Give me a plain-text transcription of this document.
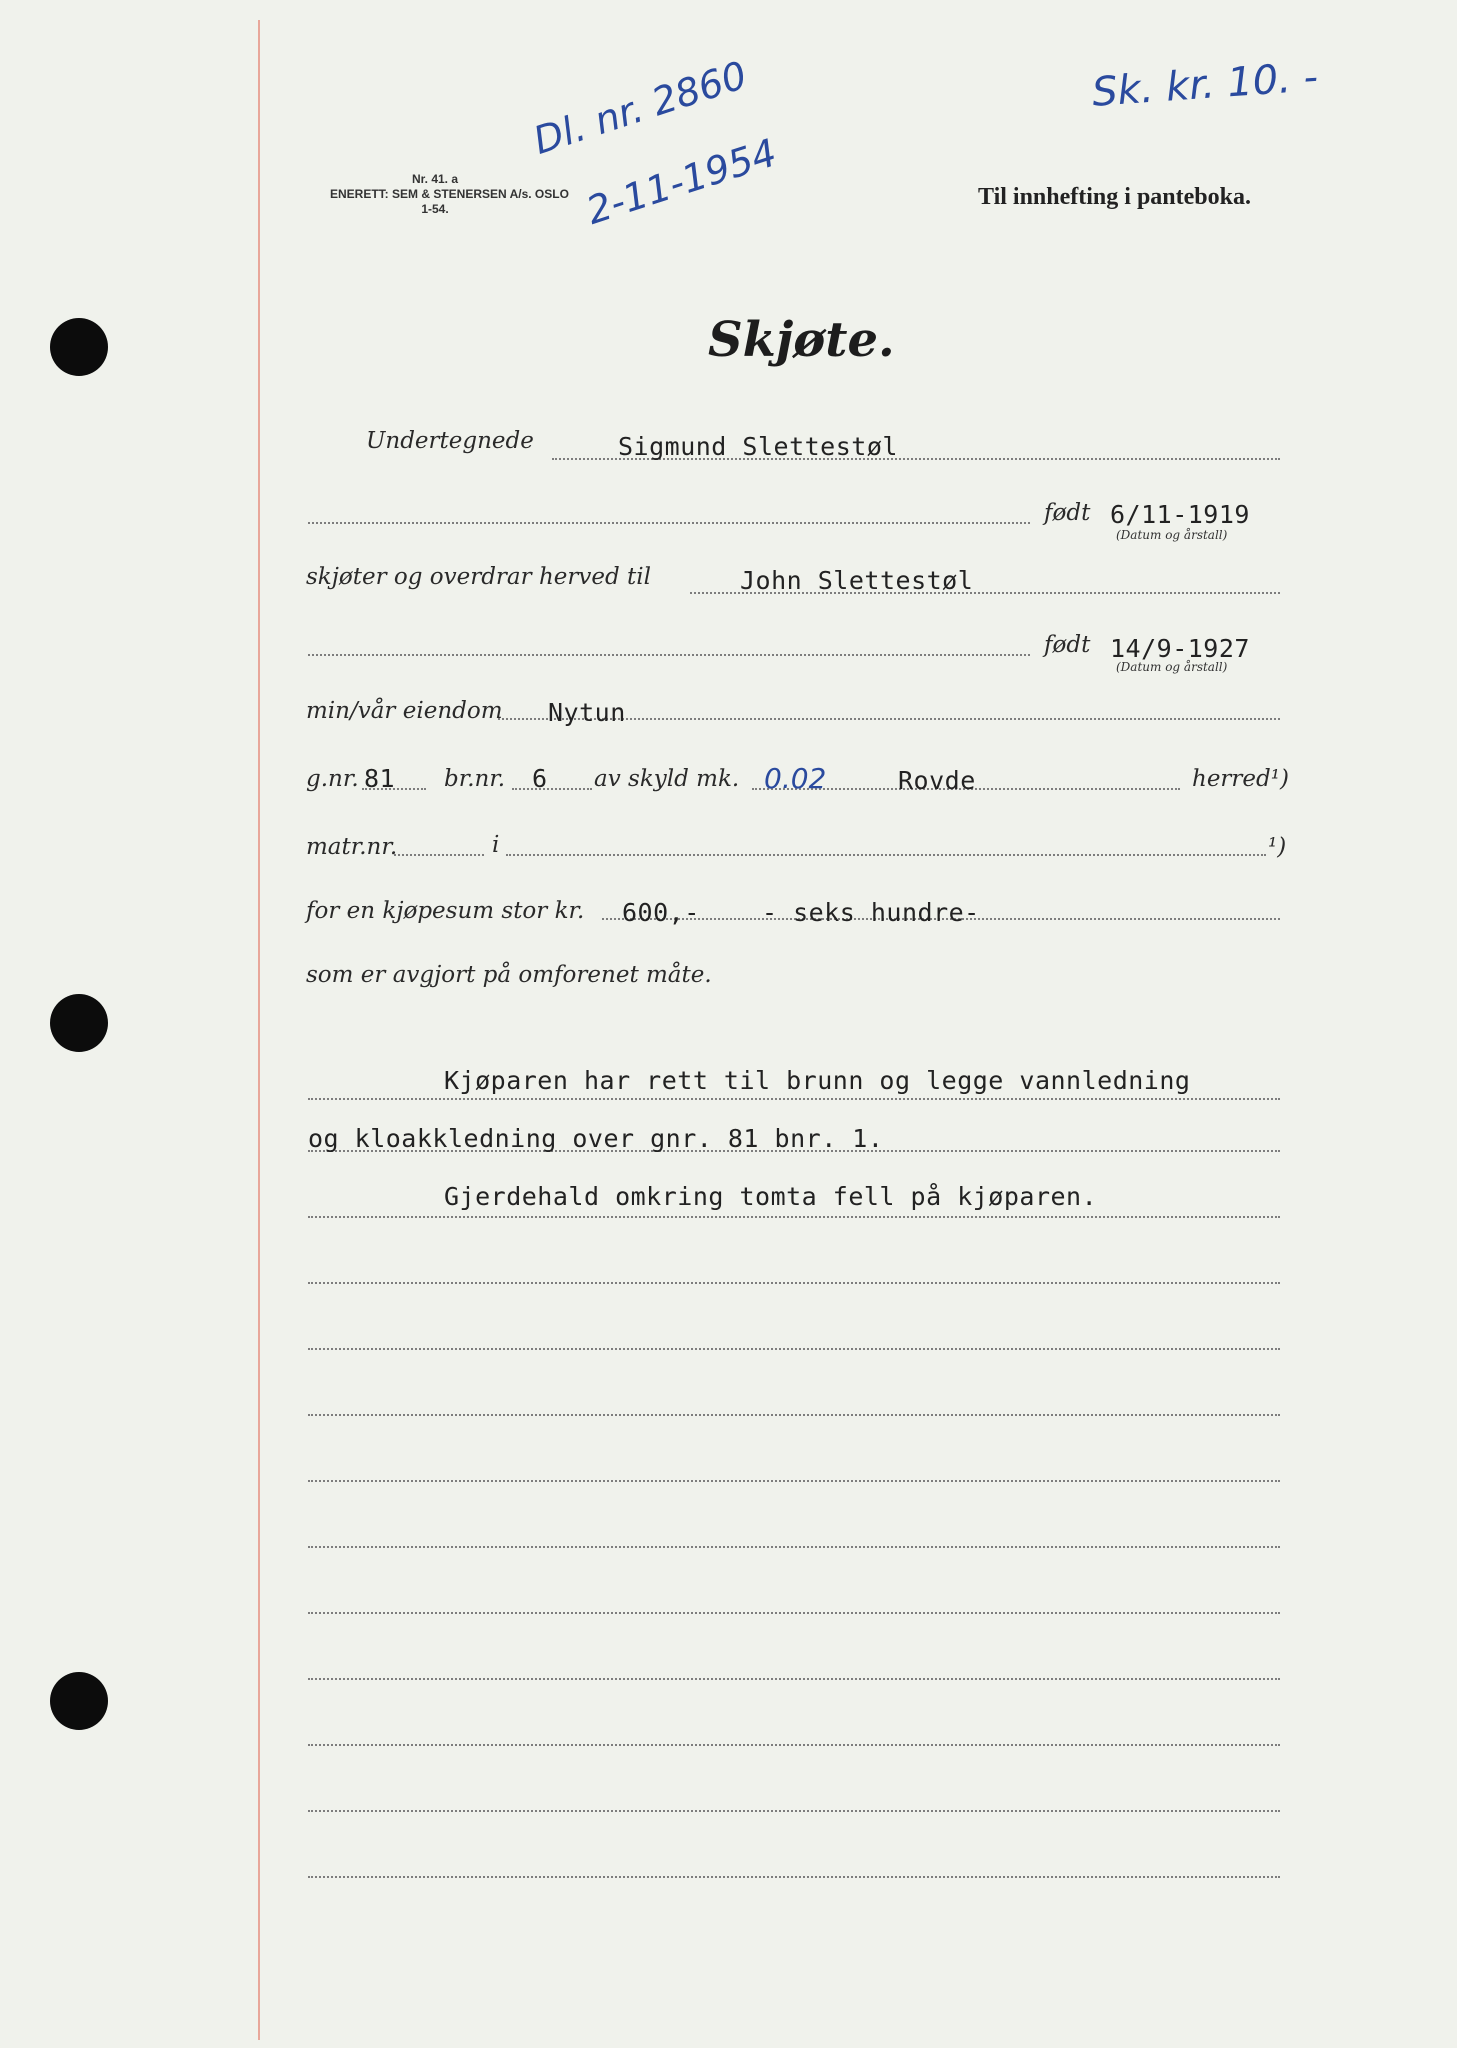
Sk. kr. 10. -
Dl. nr. 2860
2-11-1954
Nr. 41. a
ENERETT: SEM & STENERSEN A/s. OSLO
1-54.	Til innhefting i panteboka.
Skjøte.
Undertegnede	Sigmund Slettestøl
født 6/11-1919
(Datum og årstall)
skjøter og overdrar herved til	John Slettestøl
født 14/9-1927
(Datum og årstall)
min/vår eiendom Nytun
g.nr. 81 br.nr. 6 av skyld mk. 0.02	Rovde	herred¹)
matr.nr.	i	¹)
for en kjøpesum stor kr. 600,- - seks hundre-
som er avgjort på omforenet måte.
Kjøparen har rett til brunn og legge vannledning
og kloakkledning over gnr. 81 bnr. 1.
Gjerdehald omkring tomta fell på kjøparen.
